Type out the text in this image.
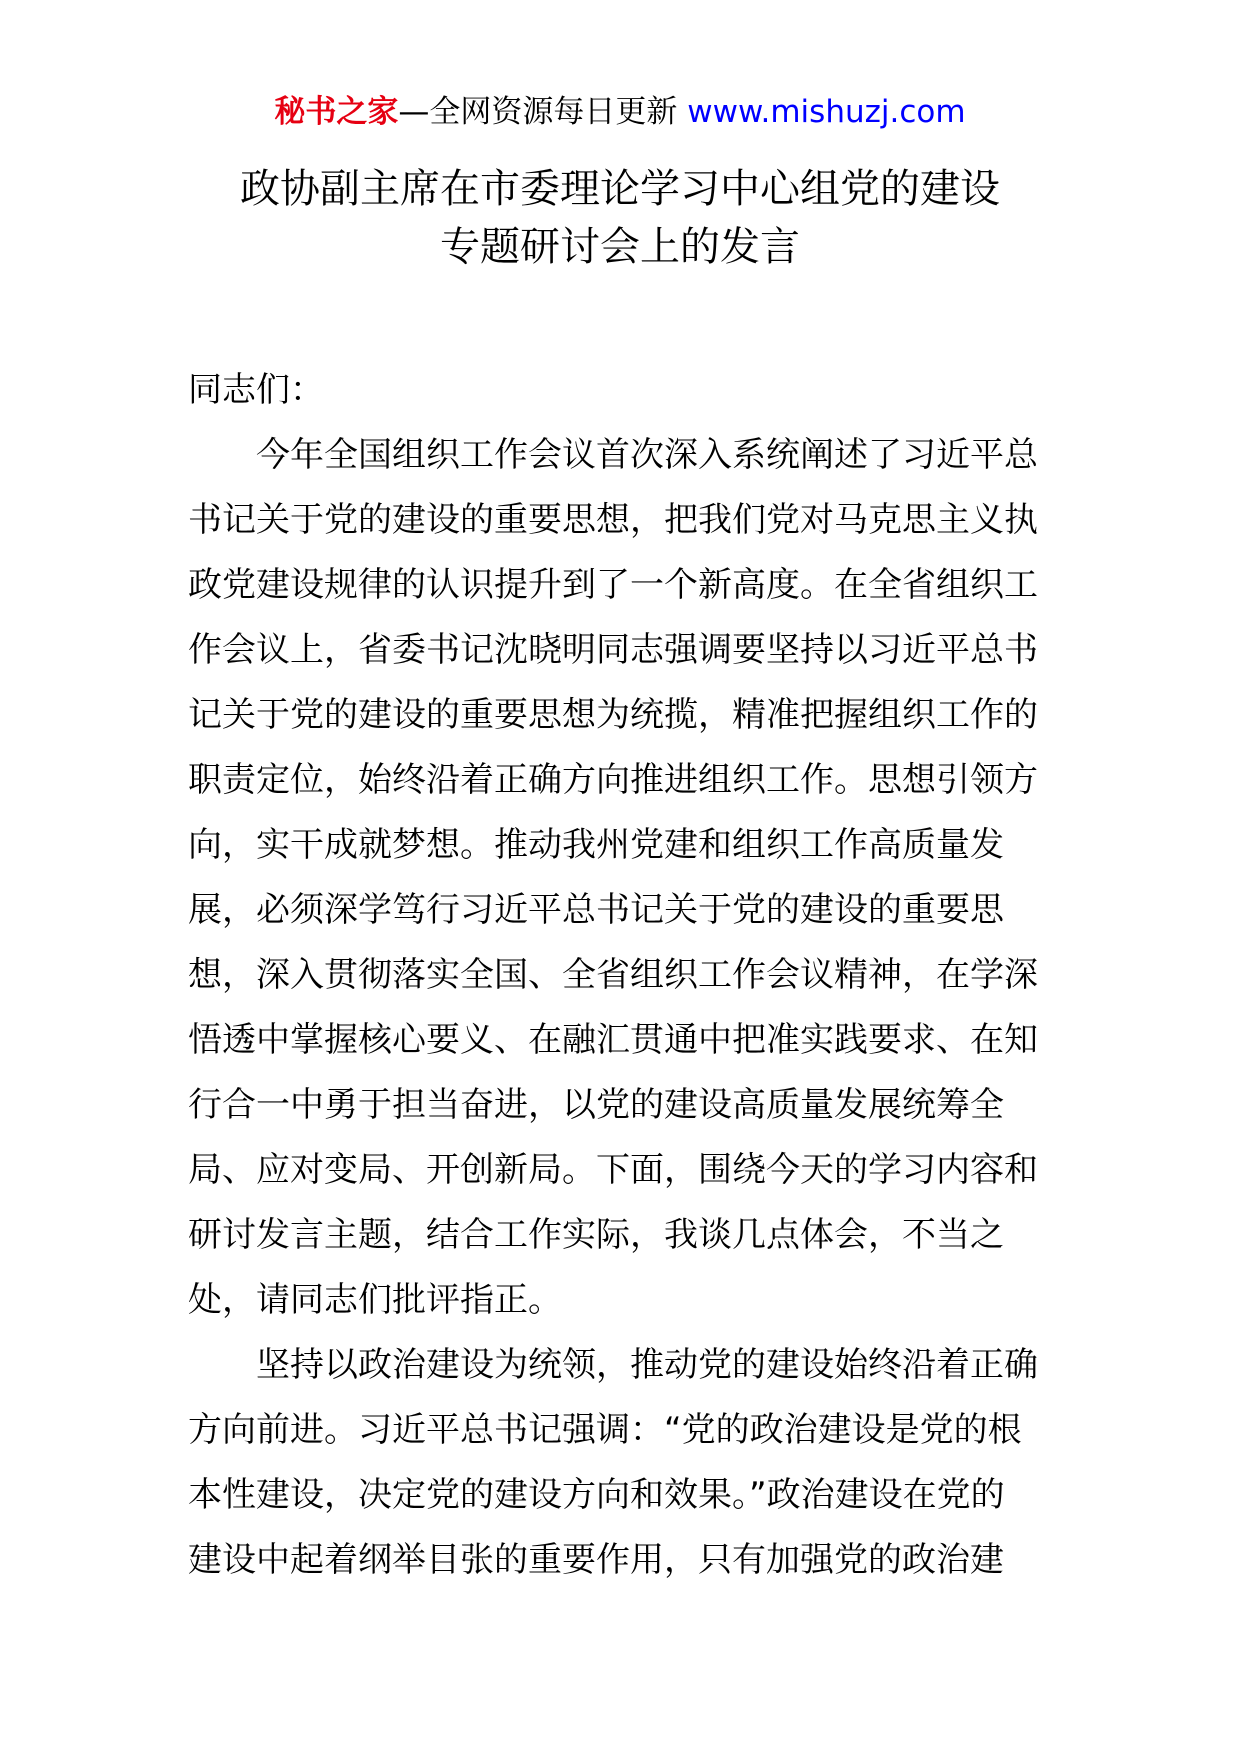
秘书之家—全网资源每日更新 www.mishuzj.com
政协副主席在市委理论学习中心组党的建设
专题研讨会上的发言
同志们：
今年全国组织工作会议首次深入系统阐述了习近平总
书记关于党的建设的重要思想，把我们党对马克思主义执
政党建设规律的认识提升到了一个新高度。在全省组织工
作会议上，省委书记沈晓明同志强调要坚持以习近平总书
记关于党的建设的重要思想为统揽，精准把握组织工作的
职责定位，始终沿着正确方向推进组织工作。思想引领方
向，实干成就梦想。推动我州党建和组织工作高质量发
展，必须深学笃行习近平总书记关于党的建设的重要思
想，深入贯彻落实全国、全省组织工作会议精神，在学深
悟透中掌握核心要义、在融汇贯通中把准实践要求、在知
行合一中勇于担当奋进，以党的建设高质量发展统筹全
局、应对变局、开创新局。下面，围绕今天的学习内容和
研讨发言主题，结合工作实际，我谈几点体会，不当之
处，请同志们批评指正。
坚持以政治建设为统领，推动党的建设始终沿着正确
方向前进。习近平总书记强调：“党的政治建设是党的根
本性建设，决定党的建设方向和效果。”政治建设在党的
建设中起着纲举目张的重要作用，只有加强党的政治建
